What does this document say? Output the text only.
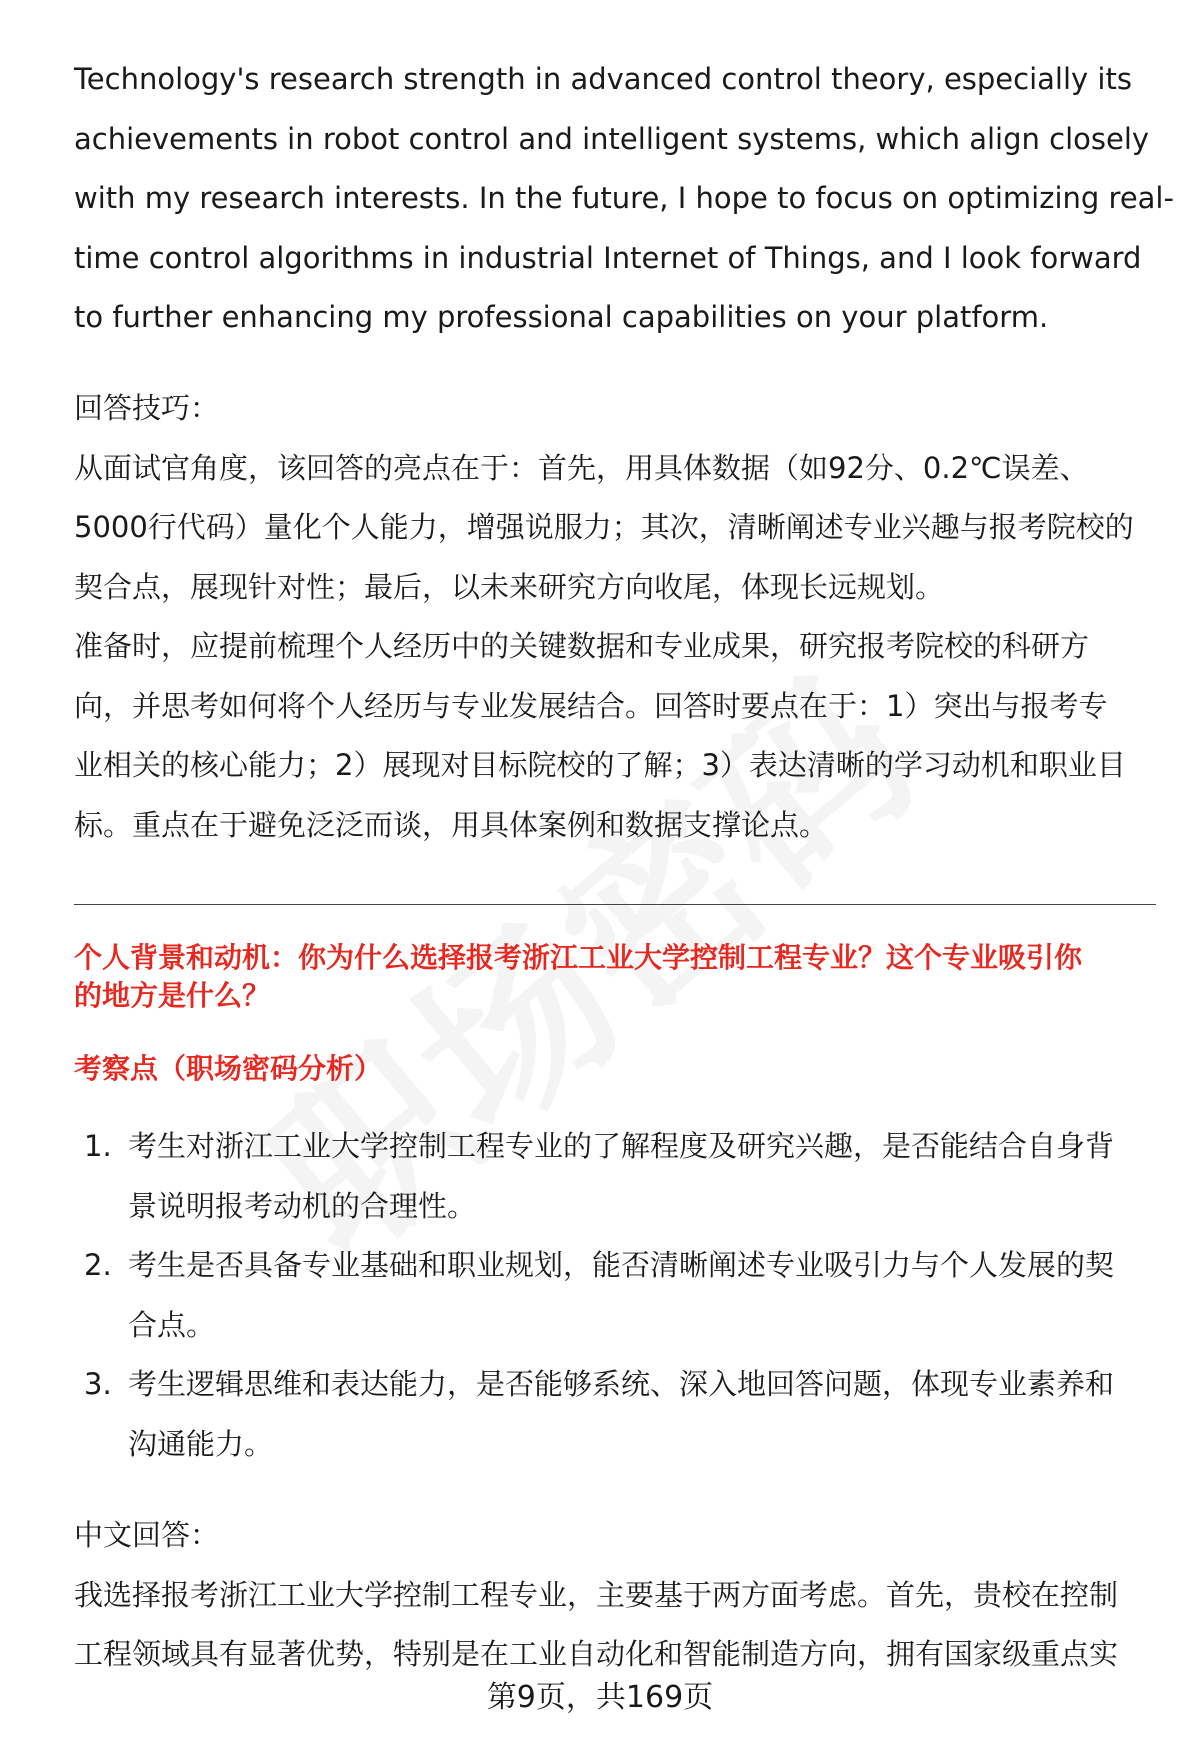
Technology's research strength in advanced control theory, especially its
achievements in robot control and intelligent systems, which align closely
with my research interests. In the future, I hope to focus on optimizing real-
time control algorithms in industrial Internet of Things, and I look forward
to further enhancing my professional capabilities on your platform.
回答技巧：
从面试官角度，该回答的亮点在于：首先，用具体数据（如92分、0.2℃误差、
5000行代码）量化个人能力，增强说服力；其次，清晰阐述专业兴趣与报考院校的
契合点，展现针对性；最后，以未来研究方向收尾，体现长远规划。
准备时，应提前梳理个人经历中的关键数据和专业成果，研究报考院校的科研方
向，并思考如何将个人经历与专业发展结合。回答时要点在于：1）突出与报考专
业相关的核心能力；2）展现对目标院校的了解；3）表达清晰的学习动机和职业目
标。重点在于避免泛泛而谈，用具体案例和数据支撑论点。
个人背景和动机：你为什么选择报考浙江工业大学控制工程专业？这个专业吸引你
的地方是什么？
考察点（职场密码分析）
1. 考生对浙江工业大学控制工程专业的了解程度及研究兴趣，是否能结合自身背
景说明报考动机的合理性。
2. 考生是否具备专业基础和职业规划，能否清晰阐述专业吸引力与个人发展的契
合点。
3. 考生逻辑思维和表达能力，是否能够系统、深入地回答问题，体现专业素养和
沟通能力。
中文回答：
我选择报考浙江工业大学控制工程专业，主要基于两方面考虑。首先，贵校在控制
工程领域具有显著优势，特别是在工业自动化和智能制造方向，拥有国家级重点实
第9页，共169页
